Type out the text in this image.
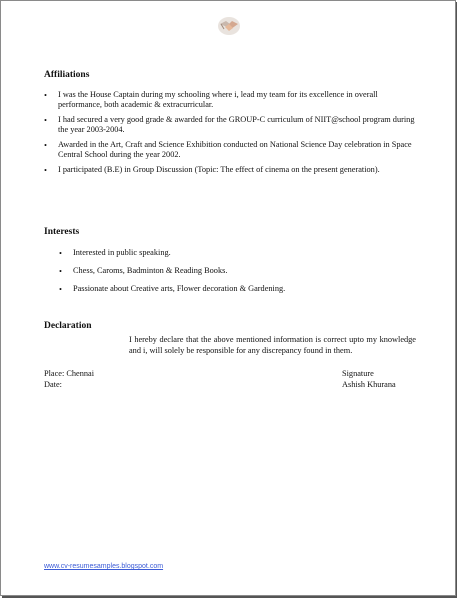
Affiliations
• I was the House Captain during my schooling where i, lead my team for its excellence in overall performance, both academic & extracurricular.
• I had secured a very good grade & awarded for the GROUP-C curriculum of NIIT@school program during the year 2003-2004.
• Awarded in the Art, Craft and Science Exhibition conducted on National Science Day celebration in Space Central School during the year 2002.
• I participated (B.E) in Group Discussion (Topic: The effect of cinema on the present generation).
Interests
• Interested in public speaking.
• Chess, Caroms, Badminton & Reading Books.
• Passionate about Creative arts, Flower decoration & Gardening.
Declaration

I hereby declare that the above mentioned information is correct upto my knowledge and i, will solely be responsible for any discrepancy found in them.

Place: Chennai

Date:

Signature

Ashish Khurana

www.cv-resumesamples.blogspot.com
